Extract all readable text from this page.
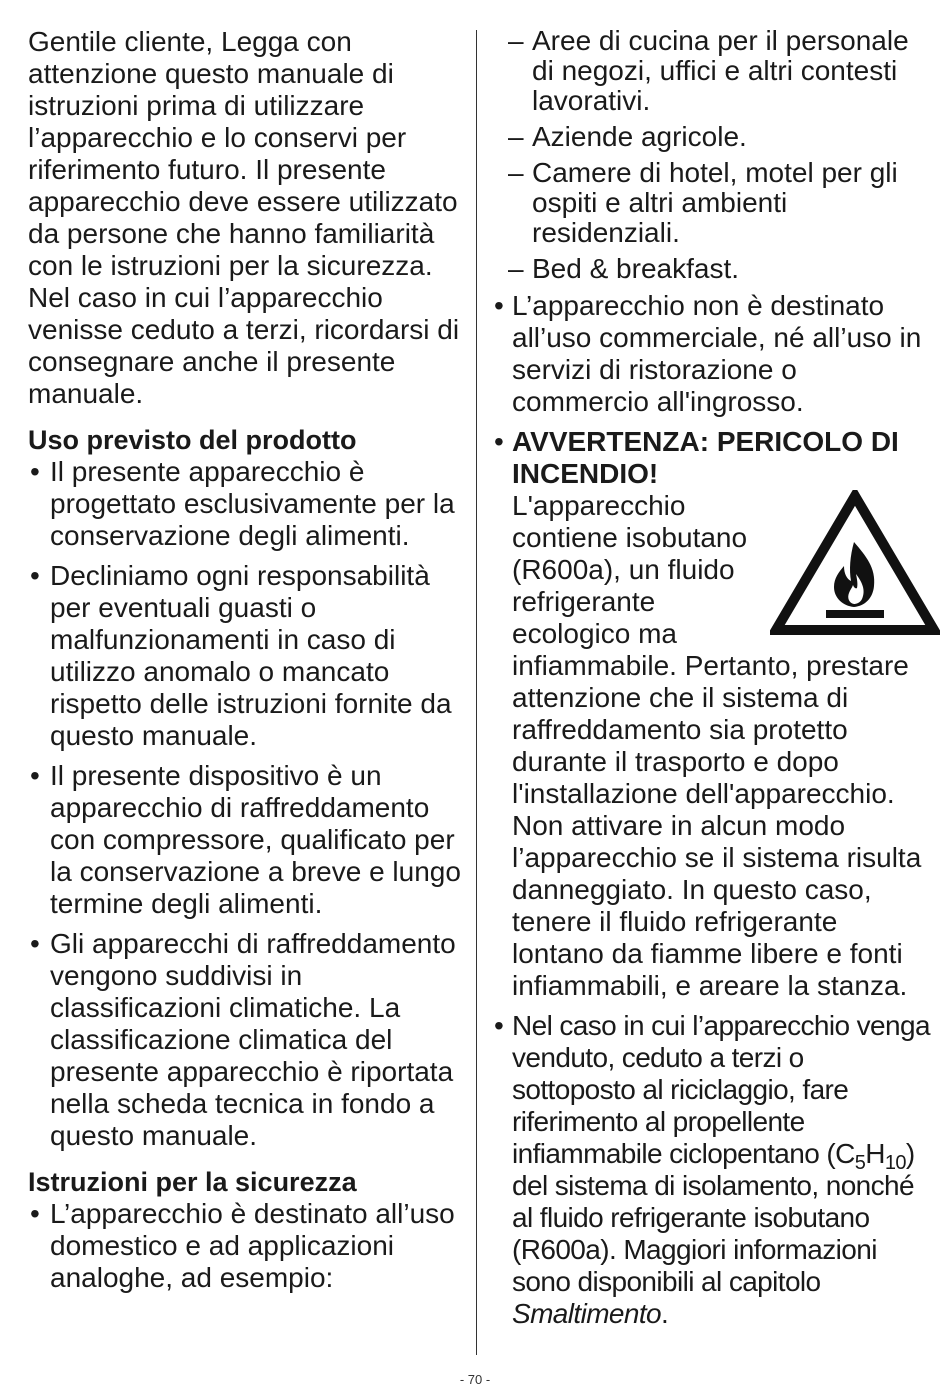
Gentile cliente, Legga con attenzione questo manuale di istruzioni prima di utilizzare l’apparecchio e lo conservi per riferimento futuro. Il presente apparecchio deve essere utilizzato da persone che hanno familiarità con le istruzioni per la sicurezza. Nel caso in cui l’apparecchio venisse ceduto a terzi, ricordarsi di consegnare anche il presente manuale.

Uso previsto del prodotto
• Il presente apparecchio è progettato esclusivamente per la conservazione degli alimenti.
• Decliniamo ogni responsabilità per eventuali guasti o malfunzionamenti in caso di utilizzo anomalo o mancato rispetto delle istruzioni fornite da questo manuale.
• Il presente dispositivo è un apparecchio di raffreddamento con compressore, qualificato per la conservazione a breve e lungo termine degli alimenti.
• Gli apparecchi di raffreddamento vengono suddivisi in classificazioni climatiche. La classificazione climatica del presente apparecchio è riportata nella scheda tecnica in fondo a questo manuale.
Istruzioni per la sicurezza
• L’apparecchio è destinato all’uso domestico e ad applicazioni analoghe, ad esempio:
– Aree di cucina per il personale di negozi, uffici e altri contesti lavorativi.
– Aziende agricole.
– Camere di hotel, motel per gli ospiti e altri ambienti residenziali.
– Bed & breakfast.
• L’apparecchio non è destinato all’uso commerciale, né all’uso in servizi di ristorazione o commercio all'ingrosso.
• AVVERTENZA: PERICOLO DI INCENDIO!
L'apparecchio contiene isobutano (R600a), un fluido refrigerante ecologico ma infiammabile. Pertanto, prestare attenzione che il sistema di raffreddamento sia protetto durante il trasporto e dopo l'installazione dell'apparecchio. Non attivare in alcun modo l’apparecchio se il sistema risulta danneggiato. In questo caso, tenere il fluido refrigerante lontano da fiamme libere e fonti infiammabili, e areare la stanza.
• Nel caso in cui l’apparecchio venga venduto, ceduto a terzi o sottoposto al riciclaggio, fare riferimento al propellente infiammabile ciclopentano $(C_5H_{10})$ del sistema di isolamento, nonché al fluido refrigerante isobutano (R600a). Maggiori informazioni sono disponibili al capitolo Smaltimento.
- 70 -
